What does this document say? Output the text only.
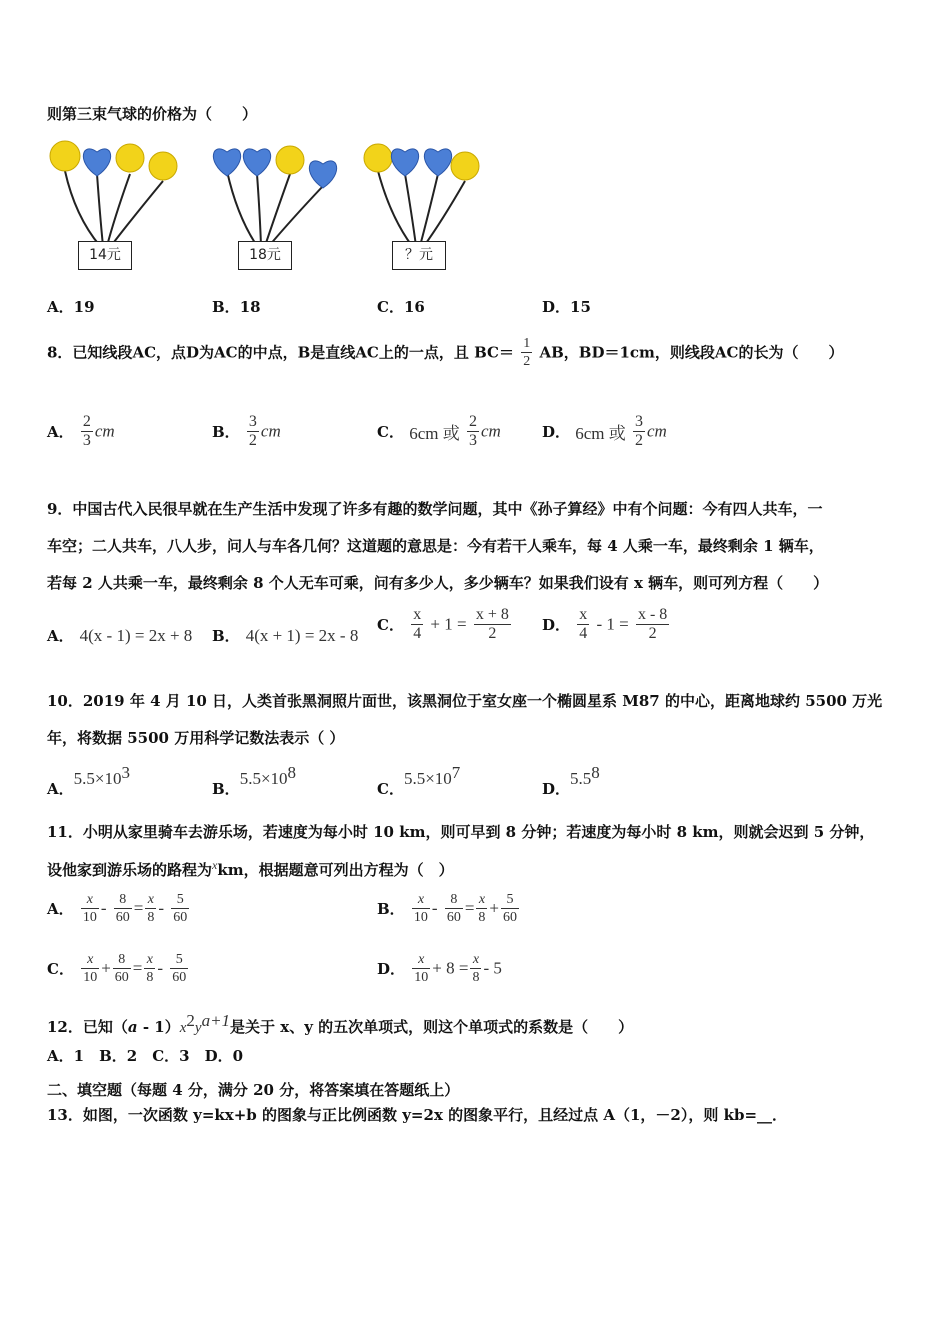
则第三束气球的价格为（　　）
14元	18元	？元
A．19	B．18	C．16	D．15
8．已知线段AC，点D为AC的中点，B是直线AC上的一点，且 $BC= \frac{1}{2}$ AB，BD＝1cm，则线段AC的长为（　　）
A． $\frac{2}{3}$ cm	B． $\frac{3}{2}$ cm	C． 6cm 或 $\frac{2}{3}$ cm	D． 6cm 或 $\frac{3}{2}$ cm
9．中国古代入民很早就在生产生活中发现了许多有趣的数学问题，其中《孙子算经》中有个问题：今有四人共车，一
车空；二人共车，八人步，问人与车各几何？这道题的意思是：今有若干人乘车，每 4 人乘一车，最终剩余 1 辆车，
若每 2 人共乘一车，最终剩余 8 个人无车可乘，问有多少人，多少辆车？如果我们设有 x 辆车，则可列方程（　　）
A． 4(x - 1) = 2x + 8 B． 4(x + 1) = 2x - 8
C． $\frac{x}{4} + 1 = \frac{x + 8}{2}$ D． $\frac{x}{4} - 1 = \frac{x - 8}{2}$
10．2019 年 4 月 10 日，人类首张黑洞照片面世，该黑洞位于室女座一个椭圆星系 M87 的中心，距离地球约 5500 万光
年，将数据 5500 万用科学记数法表示（ ）
A．$5.5\times 10^3$
B．$5.5\times 10^8$
C．$5.5\times 10^7$
D．$5.5^8$
11．小明从家里骑车去游乐场，若速度为每小时 10 km，则可早到 8 分钟；若速度为每小时 8 km，则就会迟到 5 分钟，
设他家到游乐场的路程为$^x$km，根据题意可列出方程为（　）
A． $\frac{x}{10} - \frac{8}{60} = \frac{x}{8} - \frac{5}{60}$	B． $\frac{x}{10} - \frac{8}{60} = \frac{x}{8} + \frac{5}{60}$
C． $\frac{x}{10} + \frac{8}{60} = \frac{x}{8} - \frac{5}{60}$	D． $\frac{x}{10} + 8 = \frac{x}{8} - 5$
12．已知$(a - 1)x^2y^{a+1}$是关于 x、y 的五次单项式，则这个单项式的系数是（　　）
A．1　B．2　C．3　D．0
二、填空题（每题 4 分，满分 20 分，将答案填在答题纸上）
13．如图，一次函数 y=kx+b 的图象与正比例函数 y=2x 的图象平行，且经过点 A（1，－2），则 kb=__．
